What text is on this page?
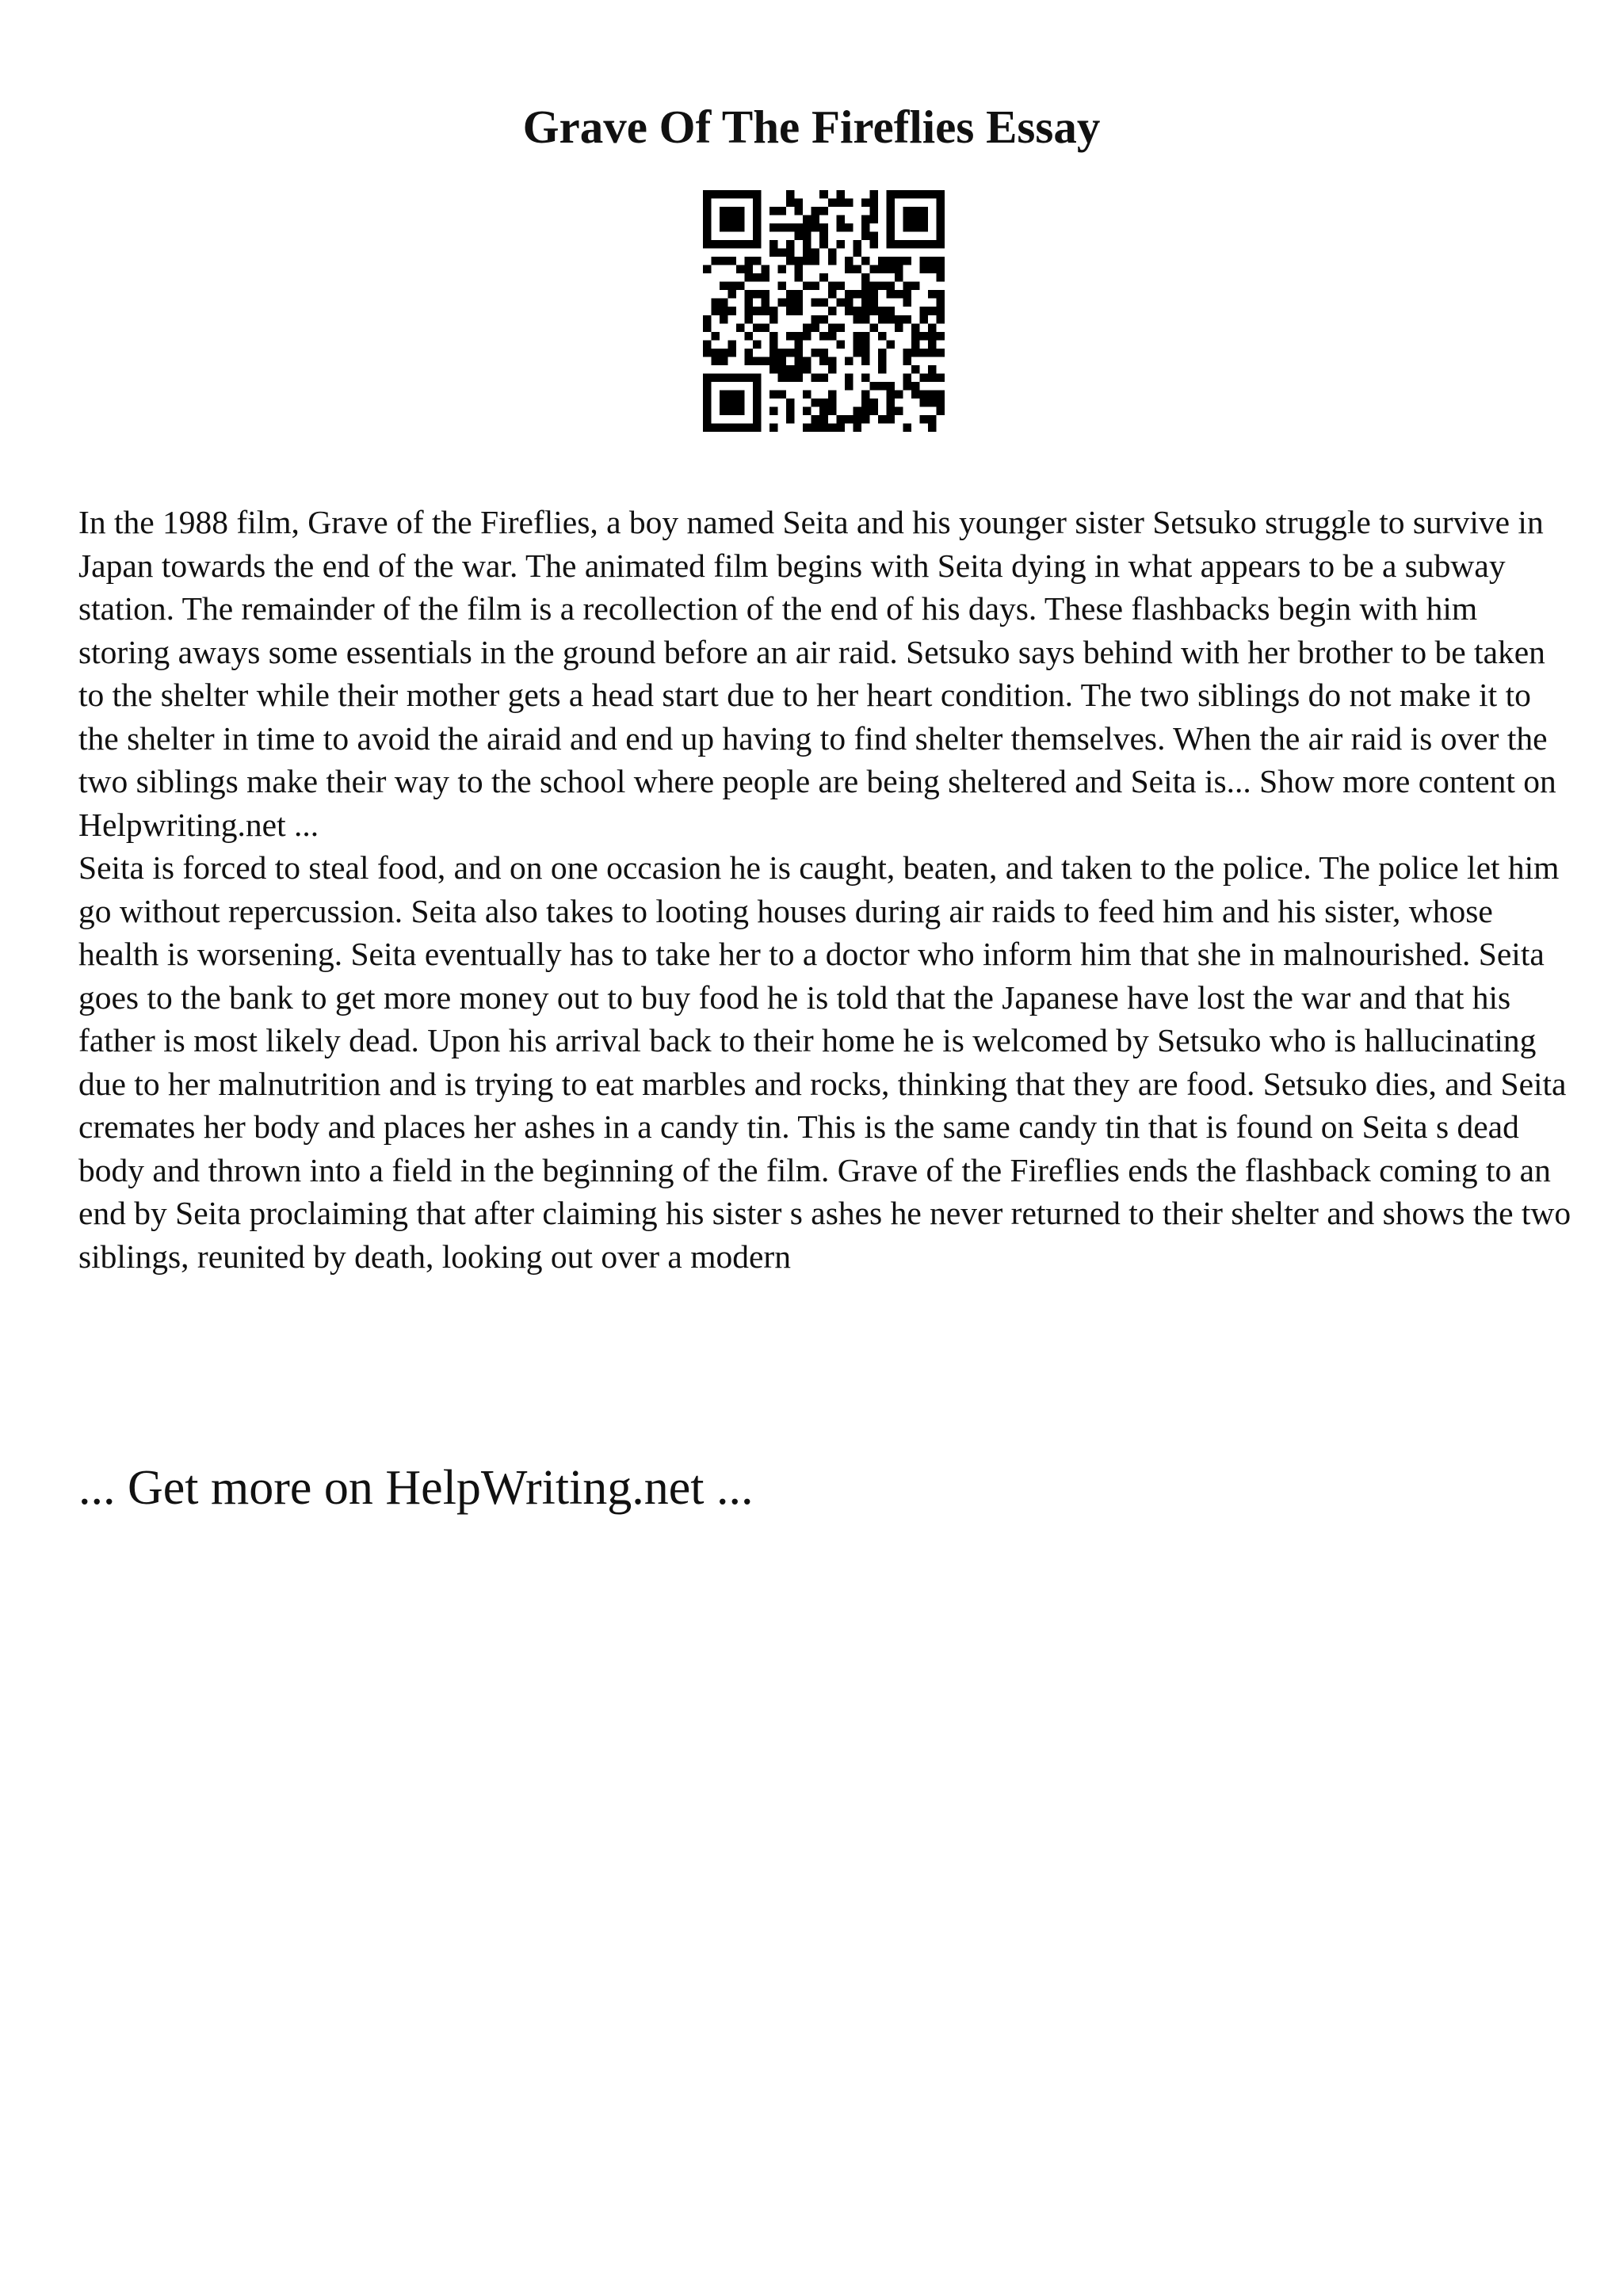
Grave Of The Fireflies Essay

In the 1988 film, Grave of the Fireflies, a boy named Seita and his younger sister Setsuko struggle to survive in Japan towards the end of the war. The animated film begins with Seita dying in what appears to be a subway station. The remainder of the film is a recollection of the end of his days. These flashbacks begin with him storing aways some essentials in the ground before an air raid. Setsuko says behind with her brother to be taken to the shelter while their mother gets a head start due to her heart condition. The two siblings do not make it to the shelter in time to avoid the airaid and end up having to find shelter themselves. When the air raid is over the two siblings make their way to the school where people are being sheltered and Seita is... Show more content on Helpwriting.net ...

Seita is forced to steal food, and on one occasion he is caught, beaten, and taken to the police. The police let him go without repercussion. Seita also takes to looting houses during air raids to feed him and his sister, whose health is worsening. Seita eventually has to take her to a doctor who inform him that she in malnourished. Seita goes to the bank to get more money out to buy food he is told that the Japanese have lost the war and that his father is most likely dead. Upon his arrival back to their home he is welcomed by Setsuko who is hallucinating due to her malnutrition and is trying to eat marbles and rocks, thinking that they are food. Setsuko dies, and Seita cremates her body and places her ashes in a candy tin. This is the same candy tin that is found on Seita s dead body and thrown into a field in the beginning of the film. Grave of the Fireflies ends the flashback coming to an end by Seita proclaiming that after claiming his sister s ashes he never returned to their shelter and shows the two siblings, reunited by death, looking out over a modern

... Get more on HelpWriting.net ...
